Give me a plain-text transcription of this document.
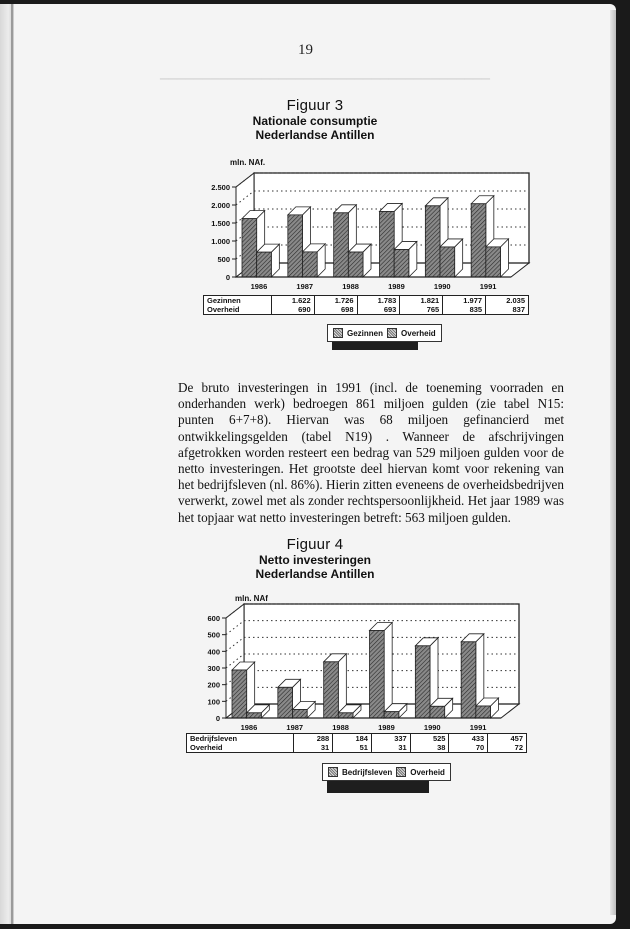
▁▁▁▁▁▁▁▁▁▁▁▁▁▁▁▁▁▁▁▁▁▁▁▁▁▁▁▁▁▁▁▁▁▁▁▁▁▁▁
19
Figuur 3
Nationale consumptie
Nederlandse Antillen
mln. NAf.
0
500
1.000
1.500
2.000
2.500
1986	1987	1988	1989	1990	1991
Gezinnen	1.622	1.726	1.783	1.821	1.977	2.035
Overheid	690	698	693	765	835	837
Gezinnen Overheid
De bruto investeringen in 1991 (incl. de toeneming voorraden en onderhanden werk) bedroegen 861 miljoen gulden (zie tabel N15: punten 6+7+8). Hiervan was 68 miljoen gefinancierd met ontwikkelingsgelden (tabel N19) . Wanneer de afschrijvingen afgetrokken worden resteert een bedrag van 529 miljoen gulden voor de netto investeringen. Het grootste deel hiervan komt voor rekening van het bedrijfsleven (nl. 86%). Hierin zitten eveneens de overheidsbedrijven verwerkt, zowel met als zonder rechtspersoonlijkheid. Het jaar 1989 was het topjaar wat netto investeringen betreft: 563 miljoen gulden.
Figuur 4
Netto investeringen
Nederlandse Antillen
mln. NAf
0
100
200
300
400
500
600
1986	1987	1988	1989	1990	1991
Bedrijfsleven	288	184	337	525	433	457
Overheid	31	51	31	38	70	72
Bedrijfsleven Overheid
